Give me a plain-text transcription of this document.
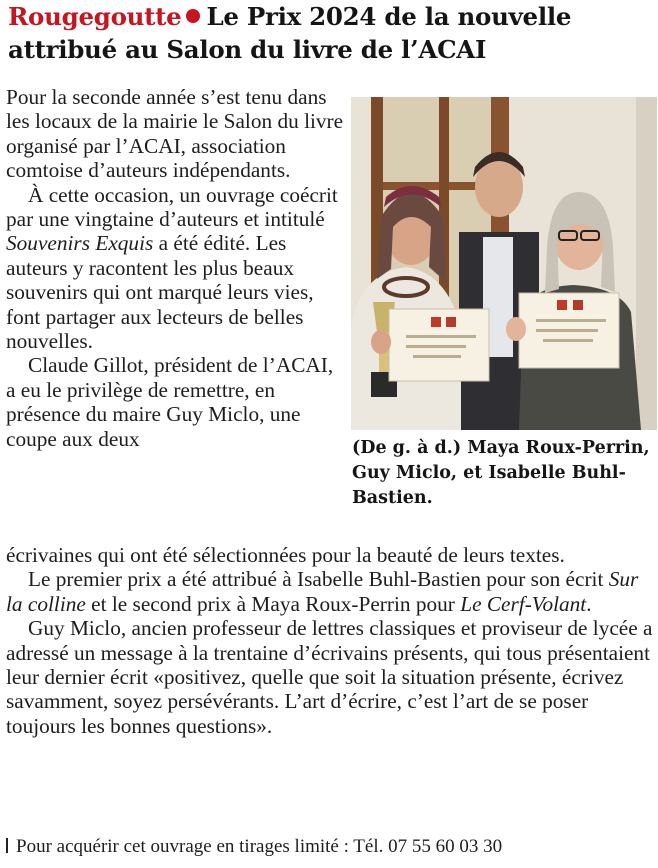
Rougegoutte Le Prix 2024 de la nouvelle attribué au Salon du livre de l’ACAI

Pour la seconde année s’est tenu dans les locaux de la mairie le Salon du livre organisé par l’ACAI, association comtoise d’auteurs indépendants.

À cette occasion, un ouvrage coécrit par une vingtaine d’auteurs et intitulé Souvenirs Exquis a été édité. Les auteurs y racontent les plus beaux souvenirs qui ont marqué leurs vies, font partager aux lecteurs de belles nouvelles.

Claude Gillot, président de l’ACAI, a eu le privilège de remettre, en présence du maire Guy Miclo, une coupe aux deux

écrivaines qui ont été sélectionnées pour la beauté de leurs textes.

Le premier prix a été attribué à Isabelle Buhl-Bastien pour son écrit Sur la colline et le second prix à Maya Roux-Perrin pour Le Cerf-Volant.

Guy Miclo, ancien professeur de lettres classiques et proviseur de lycée a adressé un message à la trentaine d’écrivains présents, qui tous présentaient leur dernier écrit «positivez, quelle que soit la situation présente, écrivez savamment, soyez persévérants. L’art d’écrire, c’est l’art de se poser toujours les bonnes questions».

(De g. à d.) Maya Roux-Perrin, Guy Miclo, et Isabelle Buhl-Bastien.
Pour acquérir cet ouvrage en tirages limité : Tél. 07 55 60 03 30
